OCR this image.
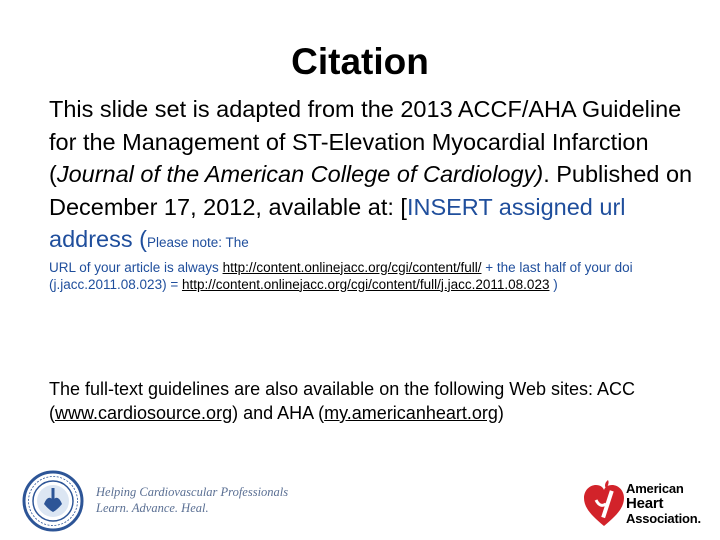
Citation
This slide set is adapted from the 2013 ACCF/AHA Guideline for the Management of ST-Elevation Myocardial Infarction (Journal of the American College of Cardiology). Published on December 17, 2012, available at: [INSERT assigned url address (Please note: The
URL of your article is always http://content.onlinejacc.org/cgi/content/full/ + the last half of your doi (j.jacc.2011.08.023) = http://content.onlinejacc.org/cgi/content/full/j.jacc.2011.08.023 )
The full-text guidelines are also available on the following Web sites: ACC (www.cardiosource.org) and AHA (my.americanheart.org)
Helping Cardiovascular Professionals
Learn. Advance. Heal.
American
Heart
Association.
